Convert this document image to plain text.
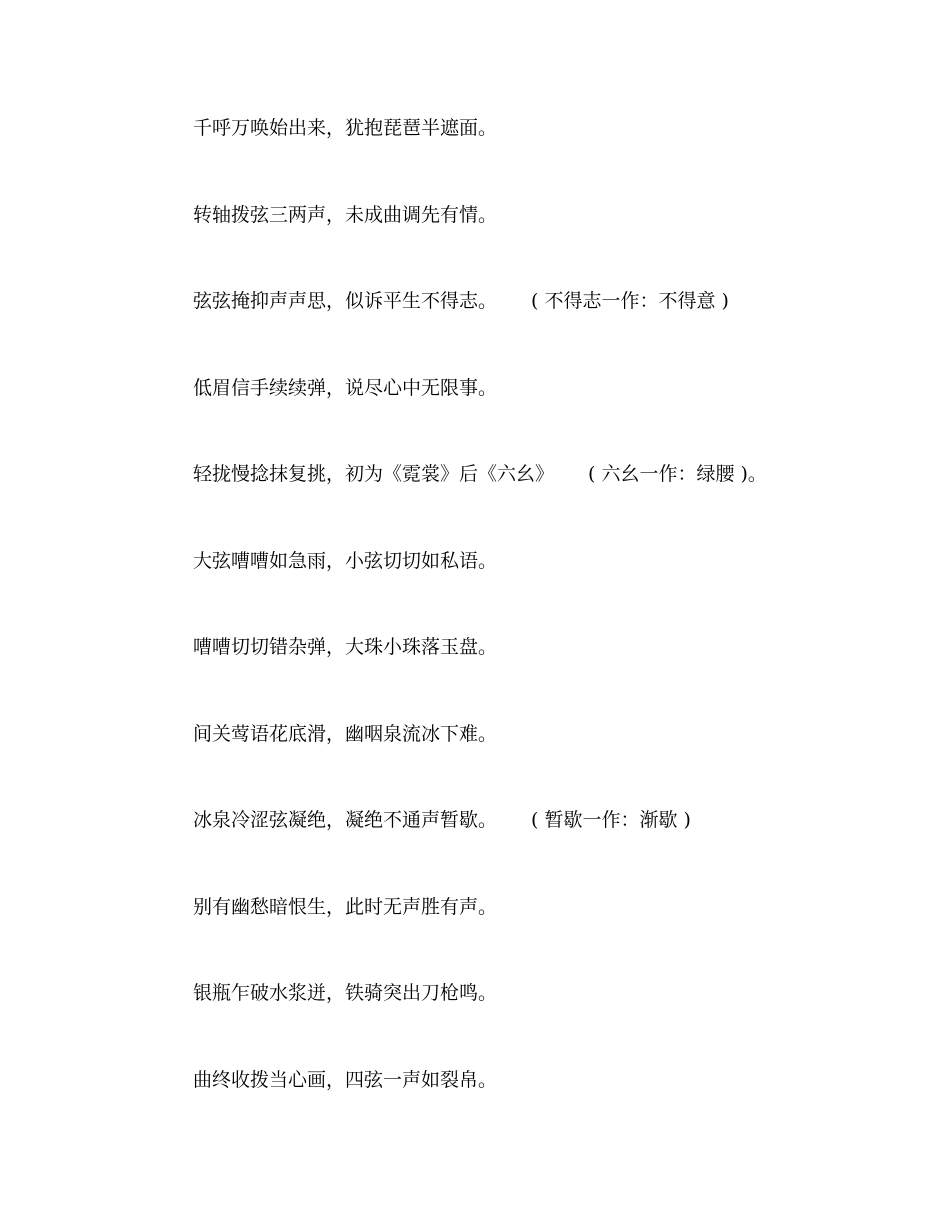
千呼万唤始出来，犹抱琵琶半遮面。
转轴拨弦三两声，未成曲调先有情。
弦弦掩抑声声思，似诉平生不得志。 ( 不得志一作：不得意 )
低眉信手续续弹，说尽心中无限事。
轻拢慢捻抹复挑，初为《霓裳》后《六幺》 ( 六幺一作：绿腰 )。
大弦嘈嘈如急雨，小弦切切如私语。
嘈嘈切切错杂弹，大珠小珠落玉盘。
间关莺语花底滑，幽咽泉流冰下难。
冰泉冷涩弦凝绝，凝绝不通声暂歇。 ( 暂歇一作：渐歇 )
别有幽愁暗恨生，此时无声胜有声。
银瓶乍破水浆迸，铁骑突出刀枪鸣。
曲终收拨当心画，四弦一声如裂帛。
